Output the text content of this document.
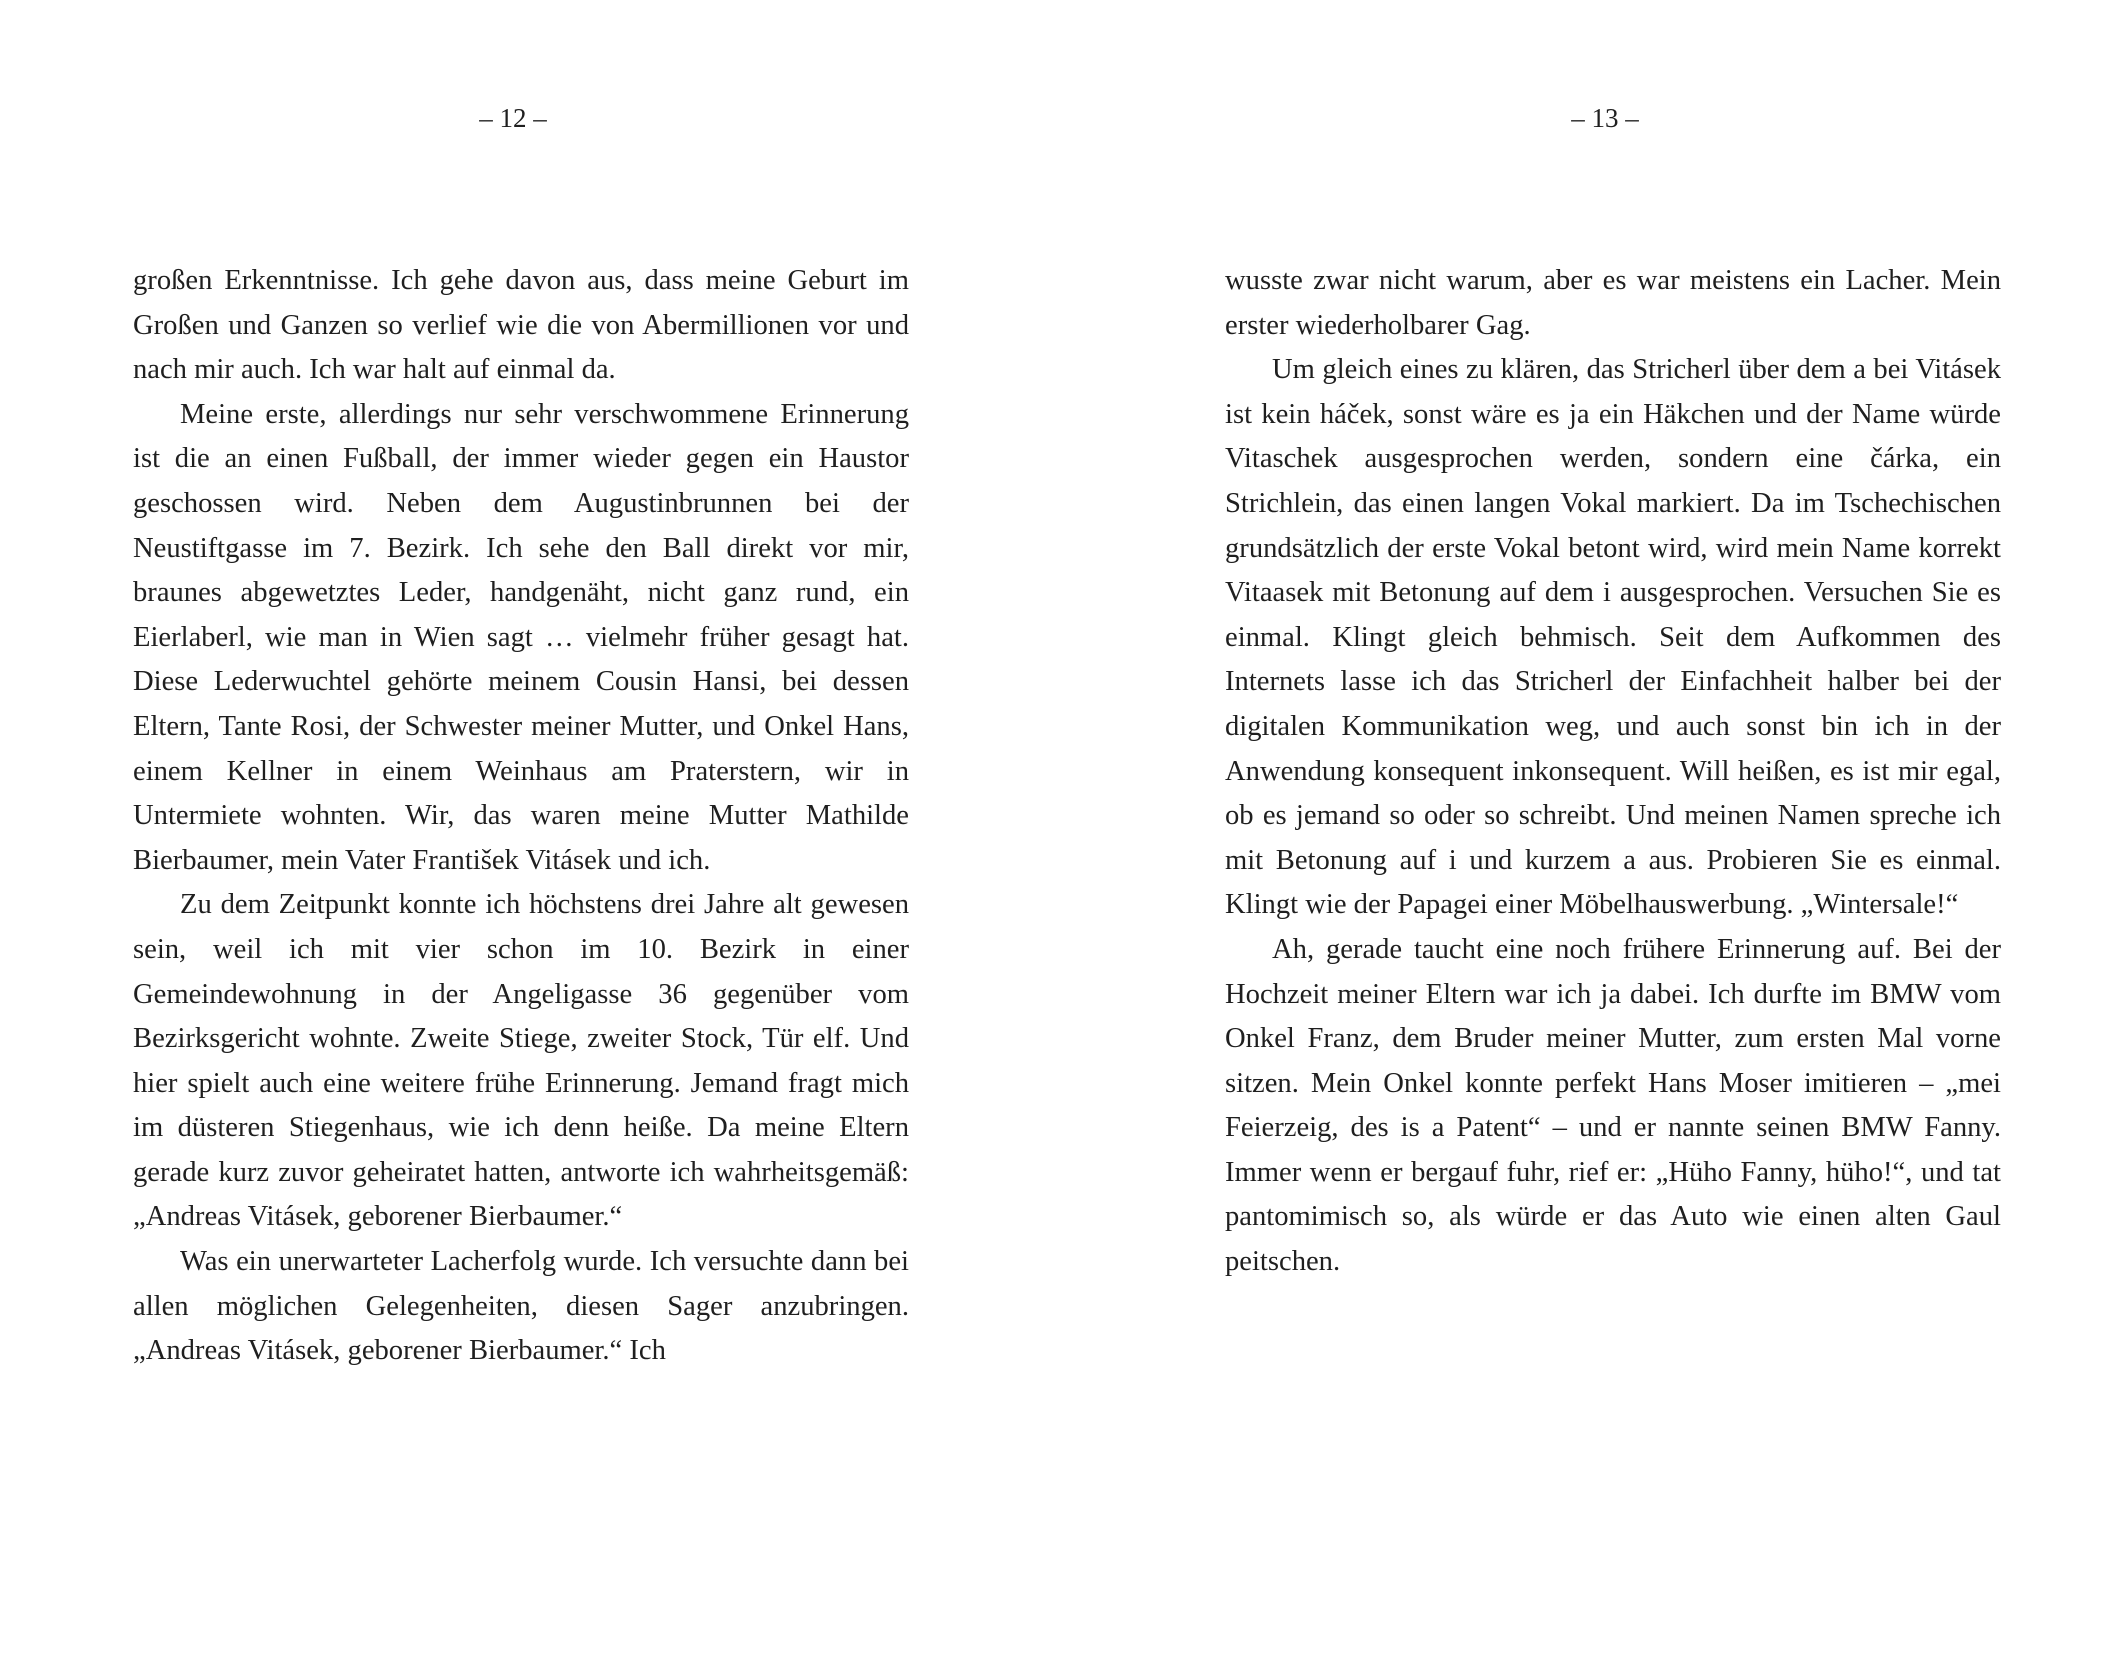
– 12 –

großen Erkenntnisse. Ich gehe davon aus, dass meine Geburt im Großen und Ganzen so verlief wie die von Abermillionen vor und nach mir auch. Ich war halt auf einmal da.

Meine erste, allerdings nur sehr verschwommene Erinnerung ist die an einen Fußball, der immer wieder gegen ein Haustor geschossen wird. Neben dem Augustinbrunnen bei der Neustiftgasse im 7. Bezirk. Ich sehe den Ball direkt vor mir, braunes abgewetztes Leder, handgenäht, nicht ganz rund, ein Eierlaberl, wie man in Wien sagt … vielmehr früher gesagt hat. Diese Lederwuchtel gehörte meinem Cousin Hansi, bei dessen Eltern, Tante Rosi, der Schwester meiner Mutter, und Onkel Hans, einem Kellner in einem Weinhaus am Praterstern, wir in Untermiete wohnten. Wir, das waren meine Mutter Mathilde Bierbaumer, mein Vater František Vitásek und ich.

Zu dem Zeitpunkt konnte ich höchstens drei Jahre alt gewesen sein, weil ich mit vier schon im 10. Bezirk in einer Gemeindewohnung in der Angeligasse 36 gegenüber vom Bezirksgericht wohnte. Zweite Stiege, zweiter Stock, Tür elf. Und hier spielt auch eine weitere frühe Erinnerung. Jemand fragt mich im düsteren Stiegenhaus, wie ich denn heiße. Da meine Eltern gerade kurz zuvor geheiratet hatten, antworte ich wahrheitsgemäß: „Andreas Vitásek, geborener Bierbaumer.“

Was ein unerwarteter Lacherfolg wurde. Ich versuchte dann bei allen möglichen Gelegenheiten, diesen Sager anzubringen. „Andreas Vitásek, geborener Bierbaumer.“ Ich

– 13 –

wusste zwar nicht warum, aber es war meistens ein Lacher. Mein erster wiederholbarer Gag.

Um gleich eines zu klären, das Stricherl über dem a bei Vitásek ist kein háček, sonst wäre es ja ein Häkchen und der Name würde Vitaschek ausgesprochen werden, sondern eine čárka, ein Strichlein, das einen langen Vokal markiert. Da im Tschechischen grundsätzlich der erste Vokal betont wird, wird mein Name korrekt Vitaasek mit Betonung auf dem i ausgesprochen. Versuchen Sie es einmal. Klingt gleich behmisch. Seit dem Aufkommen des Internets lasse ich das Stricherl der Einfachheit halber bei der digitalen Kommunikation weg, und auch sonst bin ich in der Anwendung konsequent inkonsequent. Will heißen, es ist mir egal, ob es jemand so oder so schreibt. Und meinen Namen spreche ich mit Betonung auf i und kurzem a aus. Probieren Sie es einmal. Klingt wie der Papagei einer Möbelhauswerbung. „Wintersale!“

Ah, gerade taucht eine noch frühere Erinnerung auf. Bei der Hochzeit meiner Eltern war ich ja dabei. Ich durfte im BMW vom Onkel Franz, dem Bruder meiner Mutter, zum ersten Mal vorne sitzen. Mein Onkel konnte perfekt Hans Moser imitieren – „mei Feierzeig, des is a Patent“ – und er nannte seinen BMW Fanny. Immer wenn er bergauf fuhr, rief er: „Hüho Fanny, hüho!“, und tat pantomimisch so, als würde er das Auto wie einen alten Gaul peitschen.
